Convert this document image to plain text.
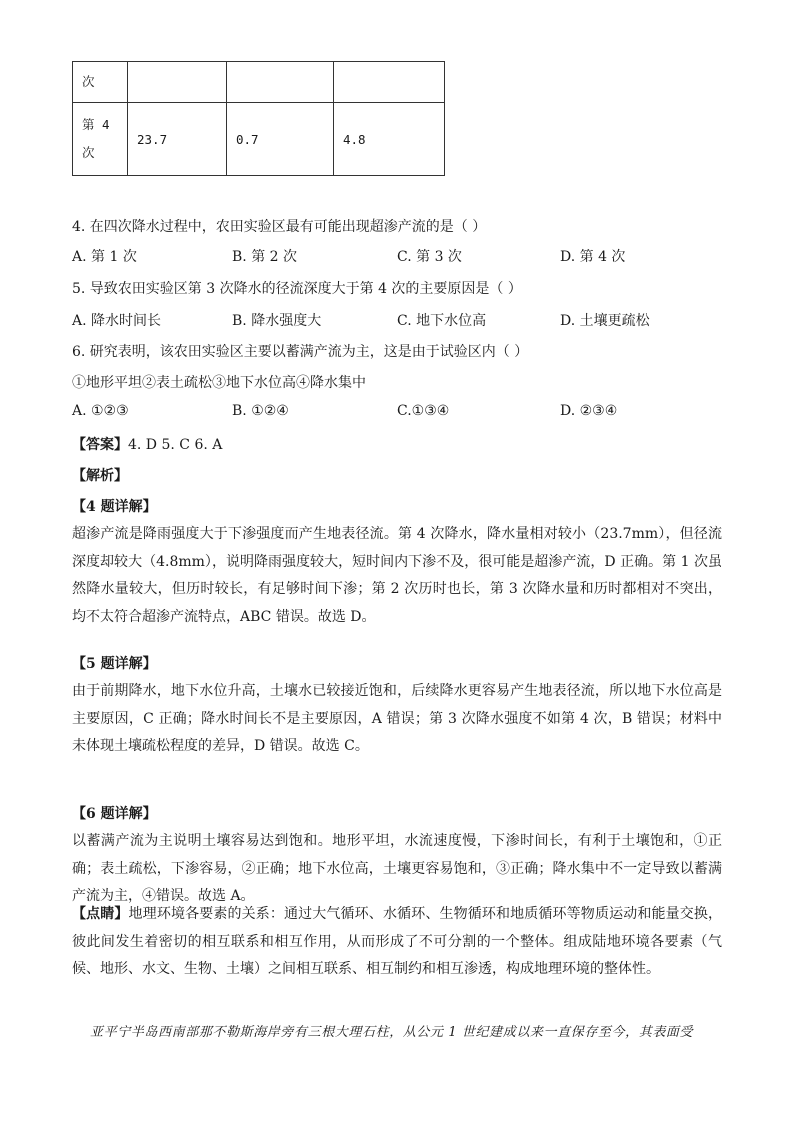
次			

第 4
次	23.7	0.7	4.8
4. 在四次降水过程中，农田实验区最有可能出现超渗产流的是（ ）
A. 第 1 次	B. 第 2 次	C. 第 3 次	D. 第 4 次
5. 导致农田实验区第 3 次降水的径流深度大于第 4 次的主要原因是（ ）
A. 降水时间长	B. 降水强度大	C. 地下水位高	D. 土壤更疏松
6. 研究表明，该农田实验区主要以蓄满产流为主，这是由于试验区内（ ）
①地形平坦②表土疏松③地下水位高④降水集中
A. ①②③	B. ①②④	C.①③④	D. ②③④
【答案】4. D 5. C 6. A
【解析】
【4 题详解】
超渗产流是降雨强度大于下渗强度而产生地表径流。第 4 次降水，降水量相对较小（23.7mm），但径流深度却较大（4.8mm），说明降雨强度较大，短时间内下渗不及，很可能是超渗产流，D 正确。第 1 次虽然降水量较大，但历时较长，有足够时间下渗；第 2 次历时也长，第 3 次降水量和历时都相对不突出，均不太符合超渗产流特点，ABC 错误。故选 D。
【5 题详解】
由于前期降水，地下水位升高，土壤水已较接近饱和，后续降水更容易产生地表径流，所以地下水位高是主要原因，C 正确；降水时间长不是主要原因，A 错误；第 3 次降水强度不如第 4 次，B 错误；材料中未体现土壤疏松程度的差异，D 错误。故选 C。
【6 题详解】
以蓄满产流为主说明土壤容易达到饱和。地形平坦，水流速度慢，下渗时间长，有利于土壤饱和，①正确；表土疏松，下渗容易，②正确；地下水位高，土壤更容易饱和，③正确；降水集中不一定导致以蓄满产流为主，④错误。故选 A。
【点睛】地理环境各要素的关系：通过大气循环、水循环、生物循环和地质循环等物质运动和能量交换，彼此间发生着密切的相互联系和相互作用，从而形成了不可分割的一个整体。组成陆地环境各要素（气候、地形、水文、生物、土壤）之间相互联系、相互制约和相互渗透，构成地理环境的整体性。
亚平宁半岛西南部那不勒斯海岸旁有三根大理石柱，从公元 1 世纪建成以来一直保存至今，其表面受
